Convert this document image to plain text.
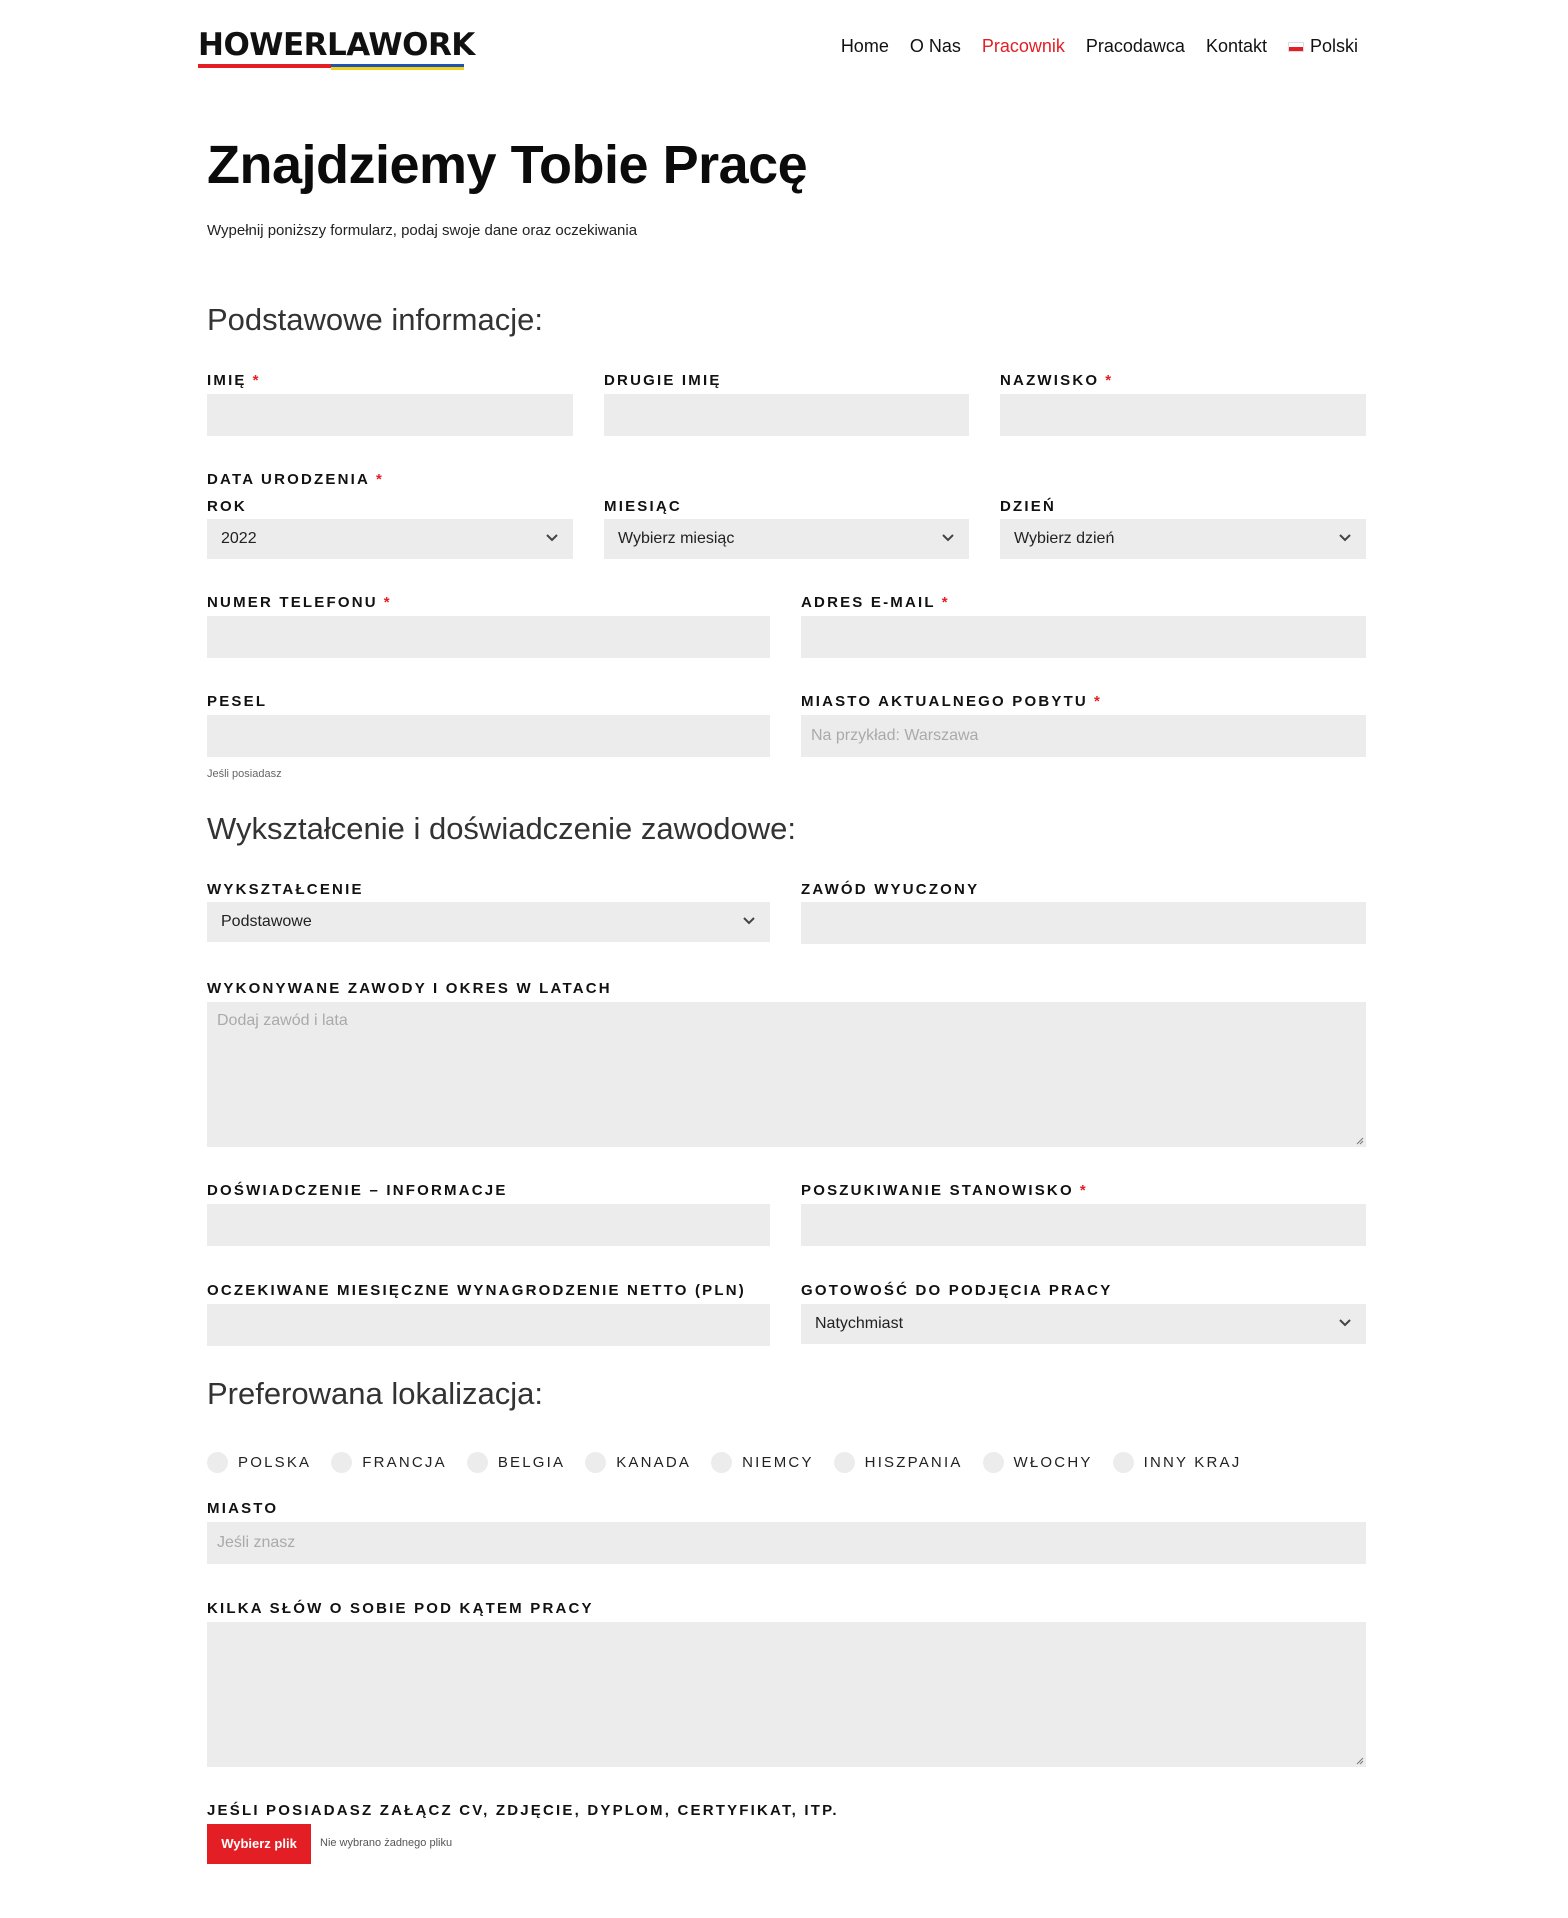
HOWERLAWORK	Home O Nas Pracownik Pracodawca Kontakt	Polski
Znajdziemy Tobie Pracę

Wypełnij poniższy formularz, podaj swoje dane oraz oczekiwania

Podstawowe informacje:
IMIĘ *	DRUGIE IMIĘ	NAZWISKO *
DATA URODZENIA *
ROK
2022
MIESIĄC
Wybierz miesiąc
DZIEŃ
Wybierz dzień
NUMER TELEFONU *	ADRES E-MAIL *
PESEL
Jeśli posiadasz
MIASTO AKTUALNEGO POBYTU *
Na przykład: Warszawa
Wykształcenie i doświadczenie zawodowe:
WYKSZTAŁCENIE
Podstawowe
ZAWÓD WYUCZONY
WYKONYWANE ZAWODY I OKRES W LATACH
Dodaj zawód i lata
DOŚWIADCZENIE – INFORMACJE	POSZUKIWANIE STANOWISKO *
OCZEKIWANE MIESIĘCZNE WYNAGRODZENIE NETTO (PLN)	GOTOWOŚĆ DO PODJĘCIA PRACY
Natychmiast
Preferowana lokalizacja:
POLSKA	FRANCJA	BELGIA	KANADA	NIEMCY	HISZPANIA	WŁOCHY	INNY KRAJ
MIASTO
Jeśli znasz
KILKA SŁÓW O SOBIE POD KĄTEM PRACY
JEŚLI POSIADASZ ZAŁĄCZ CV, ZDJĘCIE, DYPLOM, CERTYFIKAT, ITP.
Wybierz plik	Nie wybrano żadnego pliku
